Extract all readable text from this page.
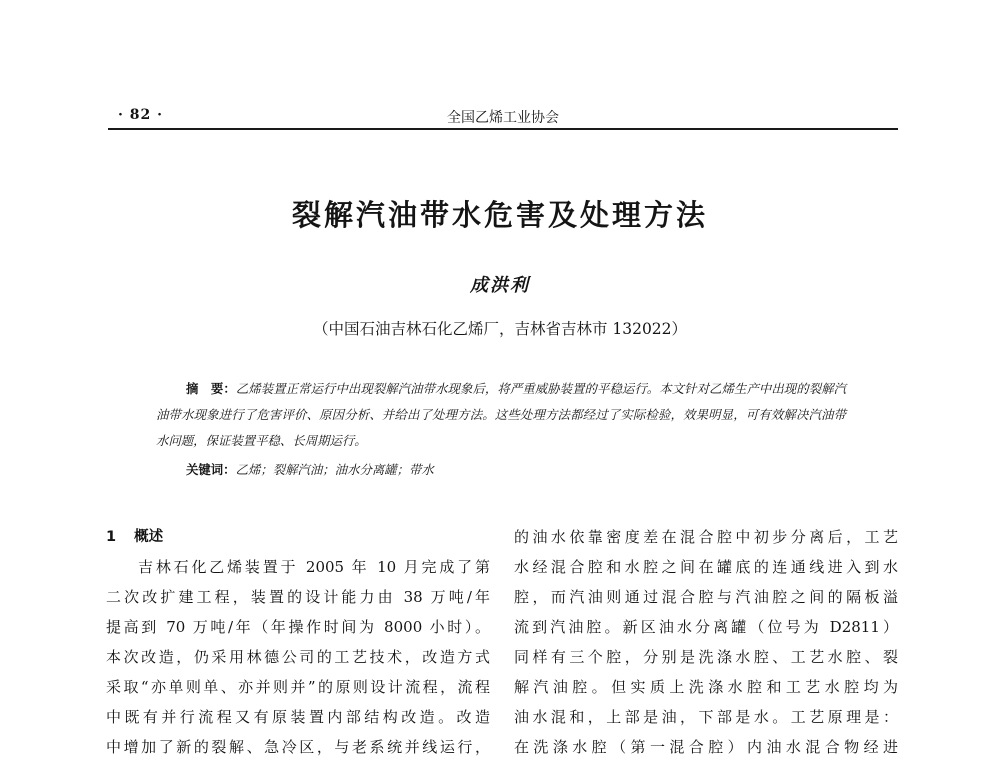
· 82 ·	全国乙烯工业协会
裂解汽油带水危害及处理方法
成洪利
（中国石油吉林石化乙烯厂，吉林省吉林市 132022）
摘　要：乙烯装置正常运行中出现裂解汽油带水现象后，将严重威胁装置的平稳运行。本文针对乙烯生产中出现的裂解汽油带水现象进行了危害评价、原因分析、并给出了处理方法。这些处理方法都经过了实际检验，效果明显，可有效解决汽油带水问题，保证装置平稳、长周期运行。
关键词：乙烯；裂解汽油；油水分离罐；带水
1 概述
吉林石化乙烯装置于 2005 年 10 月完成了第
二次改扩建工程，装置的设计能力由 38 万吨/年
提高到 70 万吨/年（年操作时间为 8000 小时）。
本次改造，仍采用林德公司的工艺技术，改造方式
采取“亦单则单、亦并则并”的原则设计流程，流程
中既有并行流程又有原装置内部结构改造。改造
中增加了新的裂解、急冷区，与老系统并线运行，
的油水依靠密度差在混合腔中初步分离后，工艺
水经混合腔和水腔之间在罐底的连通线进入到水
腔，而汽油则通过混合腔与汽油腔之间的隔板溢
流到汽油腔。新区油水分离罐（位号为 D2811）
同样有三个腔，分别是洗涤水腔、工艺水腔、裂
解汽油腔。但实质上洗涤水腔和工艺水腔均为
油水混和，上部是油，下部是水。工艺原理是：
在洗涤水腔（第一混合腔）内油水混合物经进
